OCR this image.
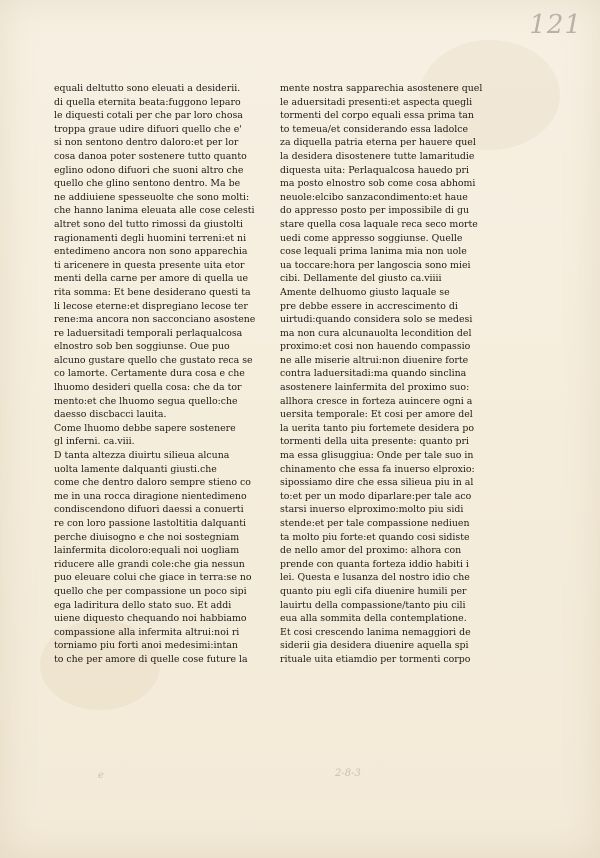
121
equali deltutto sono eleuati a desiderii.
di quella eternita beata:fuggono leparo
le diquesti cotali per che par loro chosa
troppa graue udire difuori quello che e'
si non sentono dentro daloro:et per lor
cosa danoa poter sostenere tutto quanto
eglino odono difuori che suoni altro che
quello che glino sentono dentro. Ma be
ne addiuiene spesseuolte che sono molti:
che hanno lanima eleuata alle cose celesti
altret sono del tutto rimossi da giustolti
ragionamenti degli huomini terreni:et ni
entedimeno ancora non sono apparechia
ti aricenere in questa presente uita etor
menti della carne per amore di quella ue
rita somma: Et bene desiderano questi ta
li lecose eterne:et dispregiano lecose ter
rene:ma ancora non sacconciano asostene
re laduersitadi temporali perlaqualcosa
elnostro sob ben soggiunse. Oue puo
alcuno gustare quello che gustato reca se
co lamorte. Certamente dura cosa e che
lhuomo desideri quella cosa: che da tor
mento:et che lhuomo segua quello:che
daesso discbacci lauita.
Come lhuomo debbe sapere sostenere
gl inferni. ca.viii.
D tanta altezza diuirtu silieua alcuna
uolta lamente dalquanti giusti.che
come che dentro daloro sempre stieno co
me in una rocca diragione nientedimeno
condiscendono difuori daessi a conuerti
re con loro passione lastoltitia dalquanti
perche diuisogno e che noi sostegniam
lainfermita dicoloro:equali noi uogliam
riducere alle grandi cole:che gia nessun
puo eleuare colui che giace in terra:se no
quello che per compassione un poco sipi
ega ladiritura dello stato suo. Et addi
uiene diquesto chequando noi habbiamo
compassione alla infermita altrui:noi ri
torniamo piu forti anoi medesimi:intan
to che per amore di quelle cose future la
mente nostra sapparechia asostenere quel
le aduersitadi presenti:et aspecta quegli
tormenti del corpo equali essa prima tan
to temeua/et considerando essa ladolce
za diquella patria eterna per hauere quel
la desidera disostenere tutte lamaritudie
diquesta uita: Perlaqualcosa hauedo pri
ma posto elnostro sob come cosa abhomi
neuole:elcibo sanzacondimento:et haue
do appresso posto per impossibile di gu
stare quella cosa laquale reca seco morte
uedi come appresso soggiunse. Quelle
cose lequali prima lanima mia non uole
ua toccare:hora per langoscia sono miei
cibi. Dellamente del giusto ca.viiii
Amente delhuomo giusto laquale se
pre debbe essere in accrescimento di
uirtudi:quando considera solo se medesi
ma non cura alcunauolta lecondition del
proximo:et cosi non hauendo compassio
ne alle miserie altrui:non diuenire forte
contra laduersitadi:ma quando sinclina
asostenere lainfermita del proximo suo:
allhora cresce in forteza auincere ogni a
uersita temporale: Et cosi per amore del
la uerita tanto piu fortemete desidera po
tormenti della uita presente: quanto pri
ma essa glisuggiua: Onde per tale suo in
chinamento che essa fa inuerso elproxio:
sipossiamo dire che essa silieua piu in al
to:et per un modo diparlare:per tale aco
starsi inuerso elproximo:molto piu sidi
stende:et per tale compassione nediuen
ta molto piu forte:et quando cosi sidiste
de nello amor del proximo: alhora con
prende con quanta forteza iddio habiti i
lei. Questa e lusanza del nostro idio che
quanto piu egli cifa diuenire humili per
lauirtu della compassione/tanto piu cili
eua alla sommita della contemplatione.
Et cosi crescendo lanima nemaggiori de
siderii gia desidera diuenire aquella spi
rituale uita etiamdio per tormenti corpo
e	2-8-3
